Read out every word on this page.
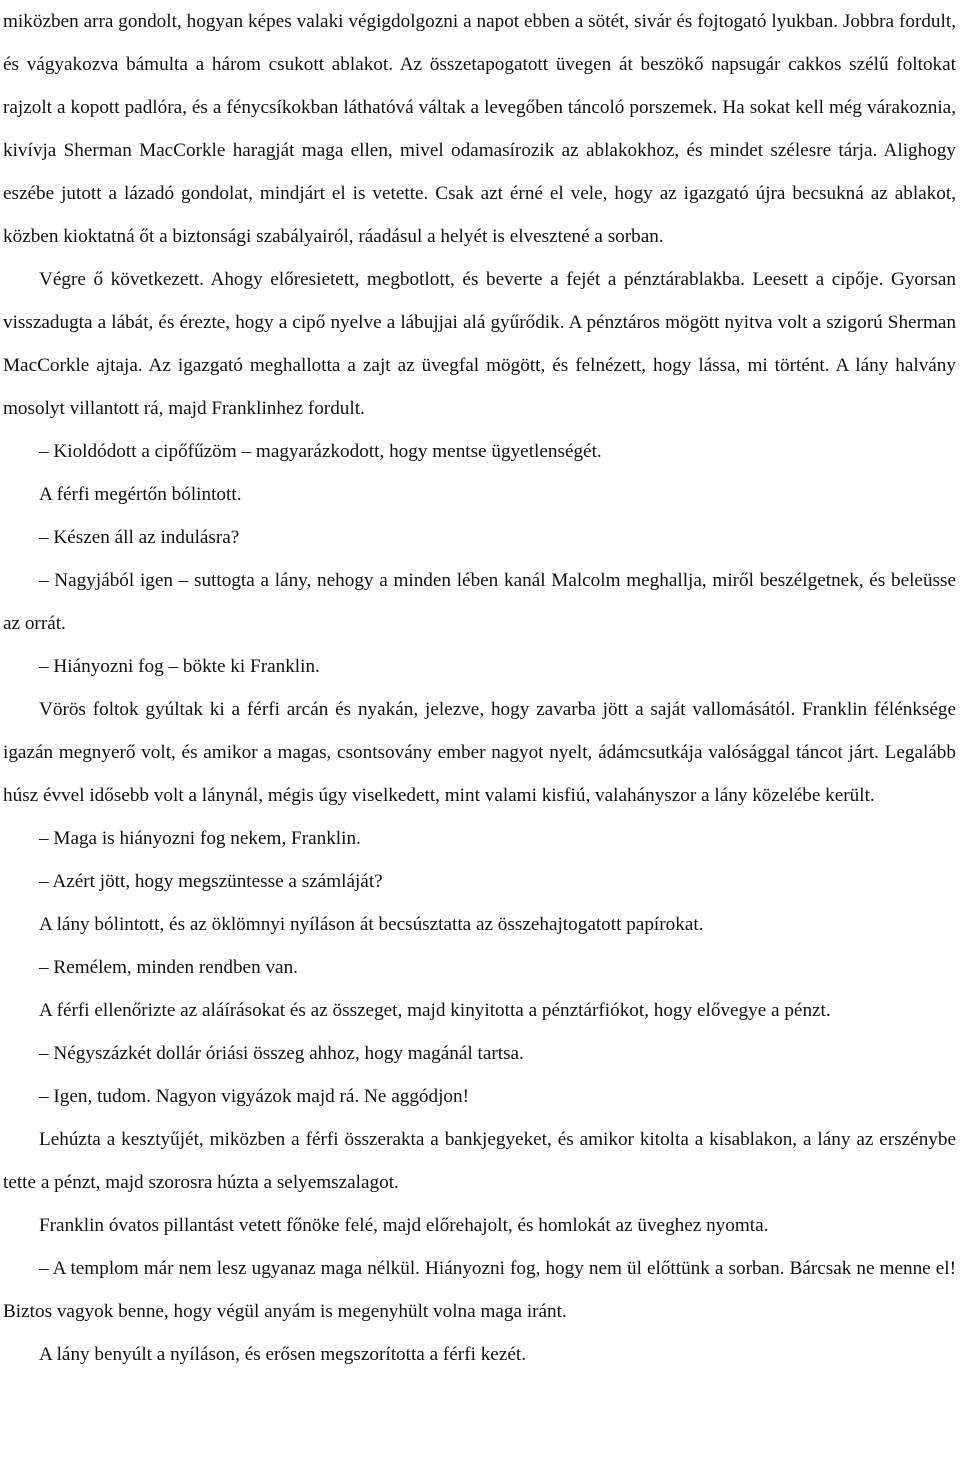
miközben arra gondolt, hogyan képes valaki végigdolgozni a napot ebben a sötét, sivár és fojtogató lyukban. Jobbra fordult, és vágyakozva bámulta a három csukott ablakot. Az összetapogatott üvegen át beszökő napsugár cakkos szélű foltokat rajzolt a kopott padlóra, és a fénycsíkokban láthatóvá váltak a levegőben táncoló porszemek. Ha sokat kell még várakoznia, kivívja Sherman MacCorkle haragját maga ellen, mivel odamasírozik az ablakokhoz, és mindet szélesre tárja. Alighogy eszébe jutott a lázadó gondolat, mindjárt el is vetette. Csak azt érné el vele, hogy az igazgató újra becsukná az ablakot, közben kioktatná őt a biztonsági szabályairól, ráadásul a helyét is elvesztené a sorban.

Végre ő következett. Ahogy előresietett, megbotlott, és beverte a fejét a pénztárablakba. Leesett a cipője. Gyorsan visszadugta a lábát, és érezte, hogy a cipő nyelve a lábujjai alá gyűrődik. A pénztáros mögött nyitva volt a szigorú Sherman MacCorkle ajtaja. Az igazgató meghallotta a zajt az üvegfal mögött, és felnézett, hogy lássa, mi történt. A lány halvány mosolyt villantott rá, majd Franklinhez fordult.

– Kioldódott a cipőfűzöm – magyarázkodott, hogy mentse ügyetlenségét.

A férfi megértőn bólintott.

– Készen áll az indulásra?

– Nagyjából igen – suttogta a lány, nehogy a minden lében kanál Malcolm meghallja, miről beszélgetnek, és beleüsse az orrát.

– Hiányozni fog – bökte ki Franklin.

Vörös foltok gyúltak ki a férfi arcán és nyakán, jelezve, hogy zavarba jött a saját vallomásától. Franklin félénksége igazán megnyerő volt, és amikor a magas, csontsovány ember nagyot nyelt, ádámcsutkája valósággal táncot járt. Legalább húsz évvel idősebb volt a lánynál, mégis úgy viselkedett, mint valami kisfiú, valahányszor a lány közelébe került.

– Maga is hiányozni fog nekem, Franklin.

– Azért jött, hogy megszüntesse a számláját?

A lány bólintott, és az öklömnyi nyíláson át becsúsztatta az összehajtogatott papírokat.

– Remélem, minden rendben van.

A férfi ellenőrizte az aláírásokat és az összeget, majd kinyitotta a pénztárfiókot, hogy elővegye a pénzt.

– Négyszázkét dollár óriási összeg ahhoz, hogy magánál tartsa.

– Igen, tudom. Nagyon vigyázok majd rá. Ne aggódjon!

Lehúzta a kesztyűjét, miközben a férfi összerakta a bankjegyeket, és amikor kitolta a kisablakon, a lány az erszénybe tette a pénzt, majd szorosra húzta a selyemszalagot.

Franklin óvatos pillantást vetett főnöke felé, majd előrehajolt, és homlokát az üveghez nyomta.

– A templom már nem lesz ugyanaz maga nélkül. Hiányozni fog, hogy nem ül előttünk a sorban. Bárcsak ne menne el! Biztos vagyok benne, hogy végül anyám is megenyhült volna maga iránt.

A lány benyúlt a nyíláson, és erősen megszorította a férfi kezét.
